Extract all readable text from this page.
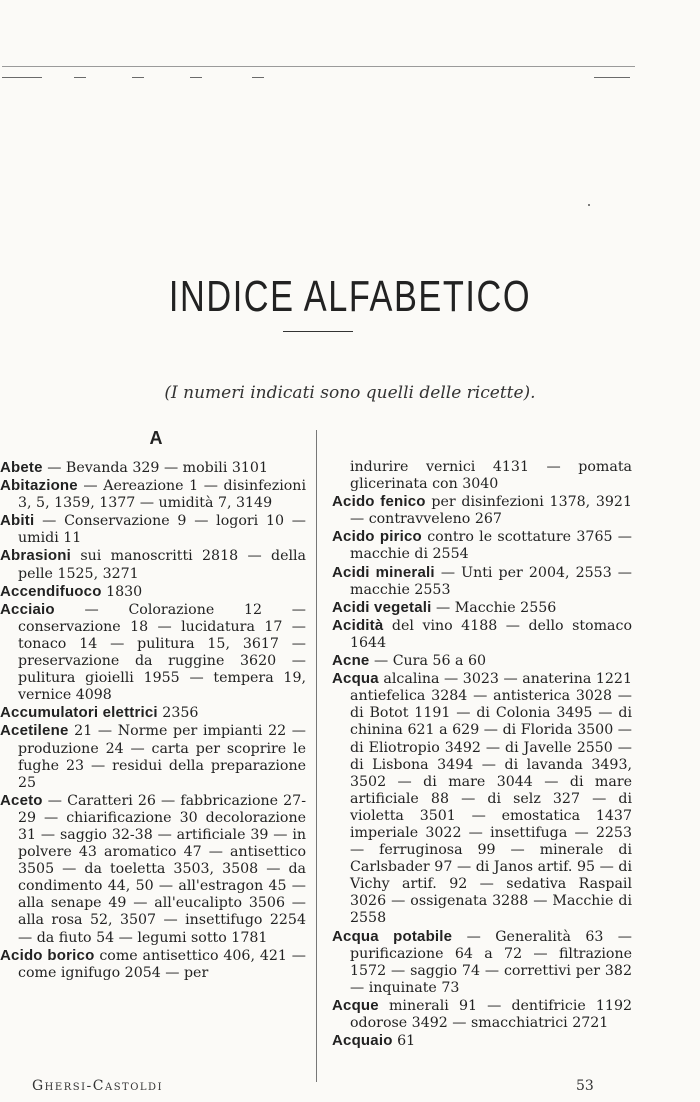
INDICE ALFABETICO
(I numeri indicati sono quelli delle ricette).
A
Abete — Bevanda 329 — mobili 3101
Abitazione — Aereazione 1 — disinfezioni 3, 5, 1359, 1377 — umidità 7, 3149
Abiti — Conservazione 9 — logori 10 — umidi 11
Abrasioni sui manoscritti 2818 — della pelle 1525, 3271
Accendifuoco 1830
Acciaio — Colorazione 12 — conservazione 18 — lucidatura 17 — tonaco 14 — pulitura 15, 3617 — preservazione da ruggine 3620 — pulitura gioielli 1955 — tempera 19, vernice 4098
Accumulatori elettrici 2356
Acetilene 21 — Norme per impianti 22 — produzione 24 — carta per scoprire le fughe 23 — residui della preparazione 25
Aceto — Caratteri 26 — fabbricazione 27-29 — chiarificazione 30 decolorazione 31 — saggio 32-38 — artificiale 39 — in polvere 43 aromatico 47 — antisettico 3505 — da toeletta 3503, 3508 — da condimento 44, 50 — all'estragon 45 — alla senape 49 — all'eucalipto 3506 — alla rosa 52, 3507 — insettifugo 2254 — da fiuto 54 — legumi sotto 1781
Acido borico come antisettico 406, 421 — come ignifugo 2054 — per
indurire vernici 4131 — pomata glicerinata con 3040
Acido fenico per disinfezioni 1378, 3921 — contravveleno 267
Acido pirico contro le scottature 3765 — macchie di 2554
Acidi minerali — Unti per 2004, 2553 — macchie 2553
Acidi vegetali — Macchie 2556
Acidità del vino 4188 — dello stomaco 1644
Acne — Cura 56 a 60
Acqua alcalina — 3023 — anaterina 1221 antiefelica 3284 — antisterica 3028 — di Botot 1191 — di Colonia 3495 — di chinina 621 a 629 — di Florida 3500 — di Eliotropio 3492 — di Javelle 2550 — di Lisbona 3494 — di lavanda 3493, 3502 — di mare 3044 — di mare artificiale 88 — di selz 327 — di violetta 3501 — emostatica 1437 imperiale 3022 — insettifuga — 2253 — ferruginosa 99 — minerale di Carlsbader 97 — di Janos artif. 95 — di Vichy artif. 92 — sedativa Raspail 3026 — ossigenata 3288 — Macchie di 2558
Acqua potabile — Generalità 63 — purificazione 64 a 72 — filtrazione 1572 — saggio 74 — correttivi per 382 — inquinate 73
Acque minerali 91 — dentifricie 1192 odorose 3492 — smacchiatrici 2721
Acquaio 61
Ghersi-Castoldi	53
